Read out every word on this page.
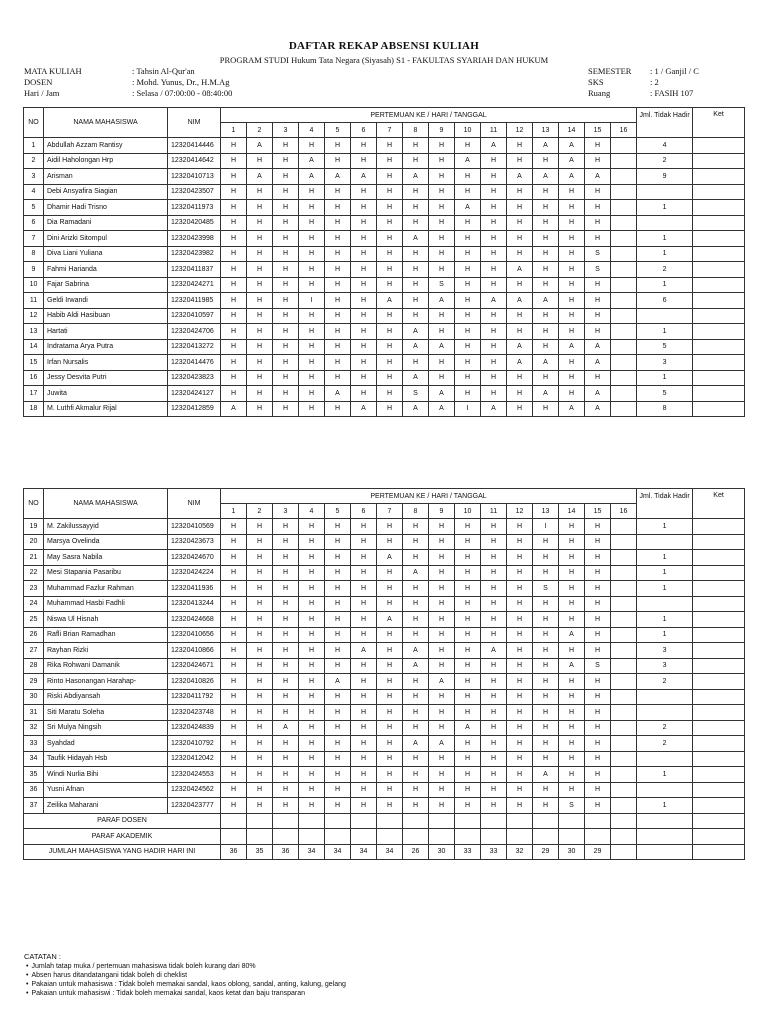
DAFTAR REKAP ABSENSI KULIAH
PROGRAM STUDI Hukum Tata Negara (Siyasah) S1 - FAKULTAS SYARIAH DAN HUKUM
MATA KULIAH	: Tahsin Al-Qur'an
DOSEN	: Mohd. Yunus, Dr., H.M.Ag
Hari / Jam	: Selasa / 07:00:00 - 08:40:00
SEMESTER	: 1 / Ganjil / C
SKS	: 2
Ruang	: FASIH 107
NO	NAMA MAHASISWA	NIM	PERTEMUAN KE / HARI / TANGGAL																Jml. Tidak Hadir	Ket
			1	2	3	4	5	6	7	8	9	10	11	12	13	14	15	16		
1	Abdullah Azzam Rantisy	12320414446	H	A	H	H	H	H	H	H	H	H	A	H	A	A	H		4	
2	Aidil Haholongan Hrp	12320414642	H	H	H	A	H	H	H	H	H	A	H	H	H	A	H		2	
3	Arisman	12320410713	H	A	H	A	A	A	H	A	H	H	H	A	A	A	A		9	
4	Debi Ansyafira Siagian	12320423507	H	H	H	H	H	H	H	H	H	H	H	H	H	H	H			
5	Dhamir Hadi Trisno	12320411973	H	H	H	H	H	H	H	H	H	A	H	H	H	H	H		1	
6	Dia Ramadani	12320420485	H	H	H	H	H	H	H	H	H	H	H	H	H	H	H			
7	Dini Arizki Sitompul	12320423998	H	H	H	H	H	H	H	A	H	H	H	H	H	H	H		1	
8	Diva Liani Yuliana	12320423982	H	H	H	H	H	H	H	H	H	H	H	H	H	H	S		1	
9	Fahmi Harianda	12320411837	H	H	H	H	H	H	H	H	H	H	H	A	H	H	S		2	
10	Fajar Sabrina	12320424271	H	H	H	H	H	H	H	H	S	H	H	H	H	H	H		1	
11	Geldi Irwandi	12320411985	H	H	H	I	H	H	A	H	A	H	A	A	A	H	H		6	
12	Habib Aldi Hasibuan	12320410597	H	H	H	H	H	H	H	H	H	H	H	H	H	H	H			
13	Hartati	12320424706	H	H	H	H	H	H	H	A	H	H	H	H	H	H	H		1	
14	Indratama Arya Putra	12320413272	H	H	H	H	H	H	H	A	A	H	H	A	H	A	A		5	
15	Irfan Nursalis	12320414476	H	H	H	H	H	H	H	H	H	H	H	A	A	H	A		3	
16	Jessy Desvita Putri	12320423823	H	H	H	H	H	H	H	A	H	H	H	H	H	H	H		1	
17	Juwita	12320424127	H	H	H	H	A	H	H	S	A	H	H	H	A	H	A		5	
18	M. Luthfi Akmalur Rijal	12320412859	A	H	H	H	H	A	H	A	A	I	A	H	H	A	A		8	
NO	NAMA MAHASISWA	NIM	PERTEMUAN KE / HARI / TANGGAL																Jml. Tidak Hadir	Ket
			1	2	3	4	5	6	7	8	9	10	11	12	13	14	15	16		
19	M. Zakilussayyid	12320410569	H	H	H	H	H	H	H	H	H	H	H	H	I	H	H		1	
20	Marsya Ovelinda	12320423673	H	H	H	H	H	H	H	H	H	H	H	H	H	H	H			
21	May Sasra Nabila	12320424670	H	H	H	H	H	H	A	H	H	H	H	H	H	H	H		1	
22	Mesi Stapania Pasaribu	12320424224	H	H	H	H	H	H	H	A	H	H	H	H	H	H	H		1	
23	Muhammad Fazlur Rahman	12320411936	H	H	H	H	H	H	H	H	H	H	H	H	S	H	H		1	
24	Muhammad Hasbi Fadhli	12320413244	H	H	H	H	H	H	H	H	H	H	H	H	H	H	H			
25	Niswa Ul Hisnah	12320424668	H	H	H	H	H	H	A	H	H	H	H	H	H	H	H		1	
26	Rafli Brian Ramadhan	12320410656	H	H	H	H	H	H	H	H	H	H	H	H	H	A	H		1	
27	Rayhan Rizki	12320410866	H	H	H	H	H	A	H	A	H	H	A	H	H	H	H		3	
28	Rika Rohwani Damanik	12320424671	H	H	H	H	H	H	H	A	H	H	H	H	H	A	S		3	
29	Rinto Hasonangan Harahap-	12320410826	H	H	H	H	A	H	H	H	A	H	H	H	H	H	H		2	
30	Riski Abdiyansah	12320411792	H	H	H	H	H	H	H	H	H	H	H	H	H	H	H			
31	Siti Maratu Soleha	12320423748	H	H	H	H	H	H	H	H	H	H	H	H	H	H	H			
32	Sri Mulya Ningsih	12320424839	H	H	A	H	H	H	H	H	H	A	H	H	H	H	H		2	
33	Syahdad	12320410792	H	H	H	H	H	H	H	A	A	H	H	H	H	H	H		2	
34	Taufik Hidayah Hsb	12320412042	H	H	H	H	H	H	H	H	H	H	H	H	H	H	H			
35	Windi Nurlia Bihi	12320424553	H	H	H	H	H	H	H	H	H	H	H	H	A	H	H		1	
36	Yusni Afnan	12320424562	H	H	H	H	H	H	H	H	H	H	H	H	H	H	H			
37	Zeilika Maharani	12320423777	H	H	H	H	H	H	H	H	H	H	H	H	H	S	H		1	
PARAF DOSEN																				
PARAF AKADEMIK																				
JUMLAH MAHASISWA YANG HADIR HARI INI			36	35	36	34	34	34	34	26	30	33	33	32	29	30	29			
CATATAN :
• Jumlah tatap muka / pertemuan mahasiswa tidak boleh kurang dari 80%
• Absen harus ditandatangani tidak boleh di cheklist
• Pakaian untuk mahasiswa : Tidak boleh memakai sandal, kaos oblong, sandal, anting, kalung, gelang
• Pakaian untuk mahasiswi : Tidak boleh memakai sandal, kaos ketat dan baju transparan
